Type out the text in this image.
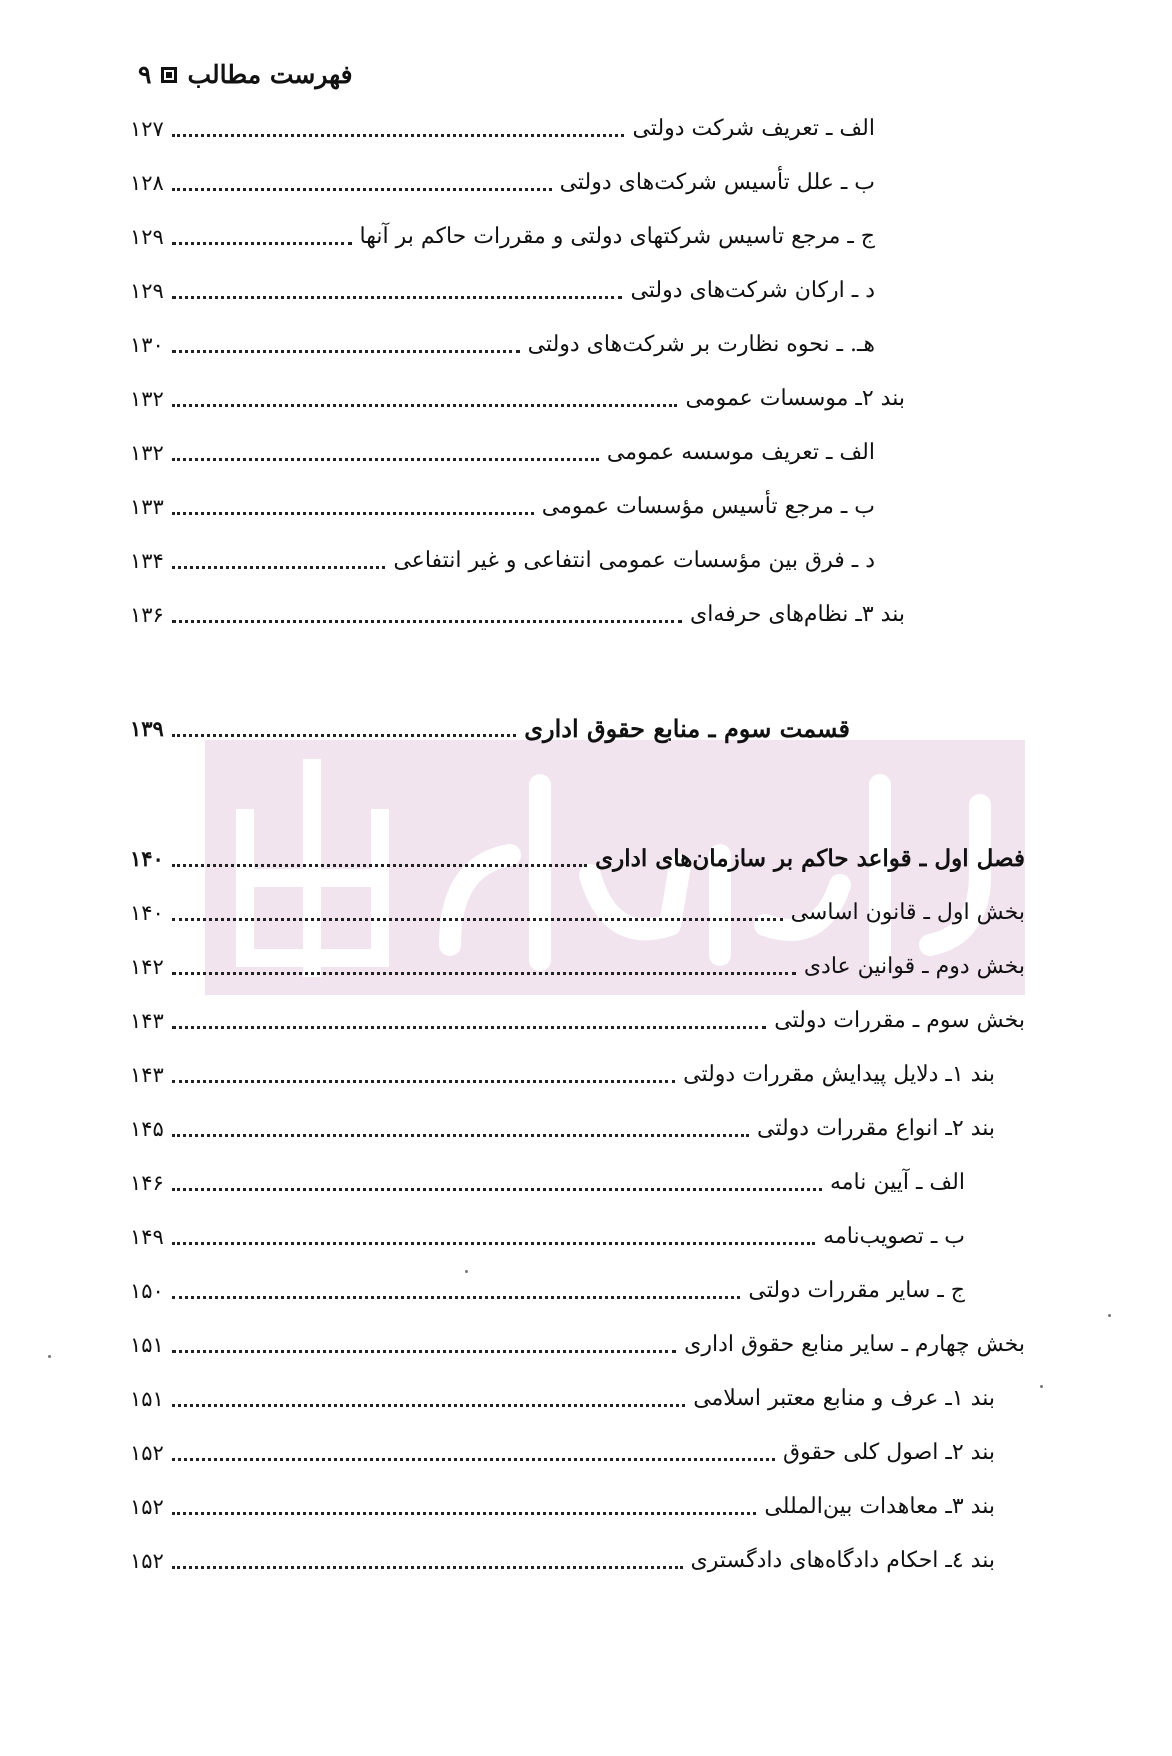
فهرست مطالب
۹
الف ـ تعریف شرکت دولتی
۱۲۷
ب ـ علل تأسیس شرکت‌های دولتی
۱۲۸
ج ـ مرجع تاسیس شرکتهای دولتی و مقررات حاکم بر آنها
۱۲۹
د ـ ارکان شرکت‌های دولتی
۱۲۹
هـ. ـ نحوه نظارت بر شرکت‌های دولتی
۱۳۰
بند ۲ـ موسسات عمومی
۱۳۲
الف ـ تعریف موسسه عمومی
۱۳۲
ب ـ مرجع تأسیس مؤسسات عمومی
۱۳۳
د ـ فرق بین مؤسسات عمومی انتفاعی و غیر انتفاعی
۱۳۴
بند ۳ـ نظام‌های حرفه‌ای
۱۳۶
قسمت سوم ـ منابع حقوق اداری
۱۳۹
فصل اول ـ قواعد حاکم بر سازمان‌های اداری
۱۴۰
بخش اول ـ قانون اساسی
۱۴۰
بخش دوم ـ قوانین عادی
۱۴۲
بخش سوم ـ مقررات دولتی
۱۴۳
بند ۱ـ دلایل پیدایش مقررات دولتی
۱۴۳
بند ۲ـ انواع مقررات دولتی
۱۴۵
الف ـ آیین نامه
۱۴۶
ب ـ تصویب‌نامه
۱۴۹
ج ـ سایر مقررات دولتی
۱۵۰
بخش چهارم ـ سایر منابع حقوق اداری
۱۵۱
بند ۱ـ عرف و منابع معتبر اسلامی
۱۵۱
بند ۲ـ اصول کلی حقوق
۱۵۲
بند ۳ـ معاهدات بین‌المللی
۱۵۲
بند ٤ـ احکام دادگاه‌های دادگستری
۱۵۲
